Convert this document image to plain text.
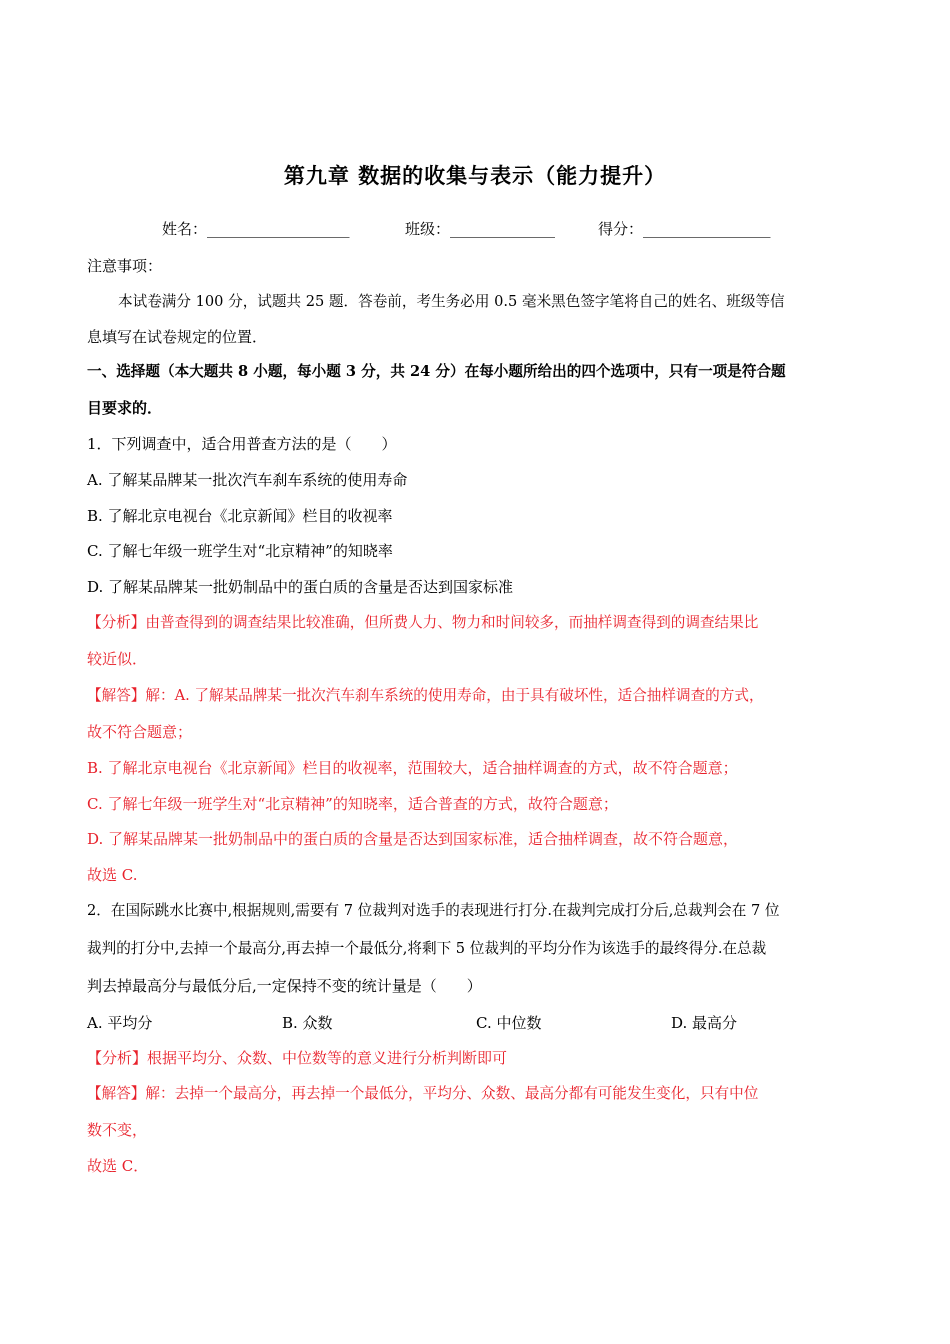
第九章 数据的收集与表示（能力提升）
姓名：___________________	班级：______________	得分：_________________
注意事项：
本试卷满分 100 分，试题共 25 题．答卷前，考生务必用 0.5 毫米黑色签字笔将自己的姓名、班级等信
息填写在试卷规定的位置．
一、选择题（本大题共 8 小题，每小题 3 分，共 24 分）在每小题所给出的四个选项中，只有一项是符合题
目要求的．
1．下列调查中，适合用普查方法的是（　　）
A. 了解某品牌某一批次汽车刹车系统的使用寿命
B. 了解北京电视台《北京新闻》栏目的收视率
C. 了解七年级一班学生对“北京精神”的知晓率
D. 了解某品牌某一批奶制品中的蛋白质的含量是否达到国家标准
【分析】由普查得到的调查结果比较准确，但所费人力、物力和时间较多，而抽样调查得到的调查结果比
较近似．
【解答】解：A. 了解某品牌某一批次汽车刹车系统的使用寿命，由于具有破坏性，适合抽样调查的方式，
故不符合题意；
B. 了解北京电视台《北京新闻》栏目的收视率，范围较大，适合抽样调查的方式，故不符合题意；
C. 了解七年级一班学生对“北京精神”的知晓率，适合普查的方式，故符合题意；
D. 了解某品牌某一批奶制品中的蛋白质的含量是否达到国家标准，适合抽样调查，故不符合题意，
故选 C.
2．在国际跳水比赛中,根据规则,需要有 7 位裁判对选手的表现进行打分.在裁判完成打分后,总裁判会在 7 位
裁判的打分中,去掉一个最高分,再去掉一个最低分,将剩下 5 位裁判的平均分作为该选手的最终得分.在总裁
判去掉最高分与最低分后,一定保持不变的统计量是（　　）
A. 平均分	B. 众数	C. 中位数	D. 最高分
【分析】根据平均分、众数、中位数等的意义进行分析判断即可
【解答】解：去掉一个最高分，再去掉一个最低分，平均分、众数、最高分都有可能发生变化，只有中位
数不变，
故选 C．
